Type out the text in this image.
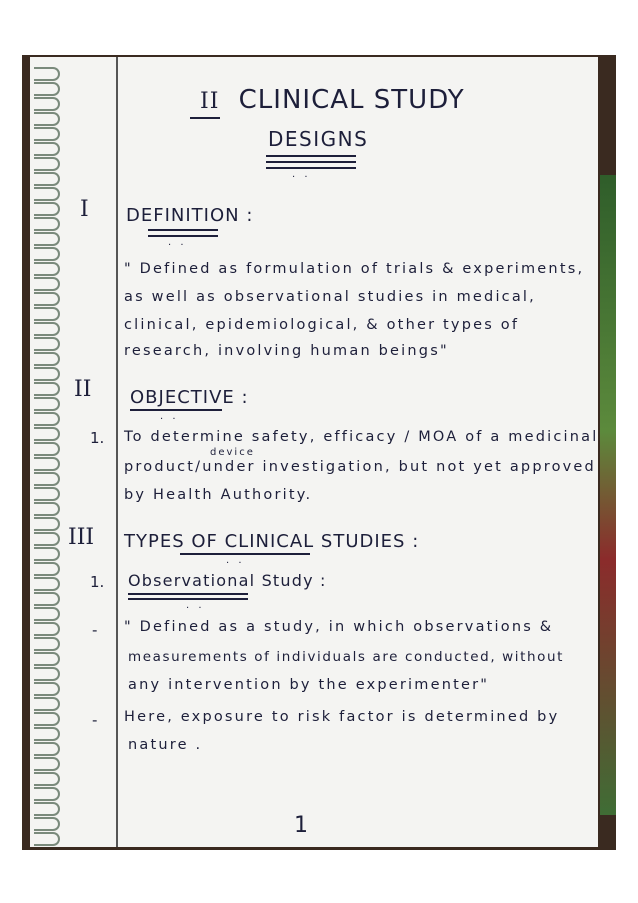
II CLINICAL STUDY
DESIGNS
. .
I DEFINITION :
. .
" Defined as formulation of trials & experiments,
as well as observational studies in medical,
clinical, epidemiological, & other types of
research, involving human beings"
II OBJECTIVE :
. .
1. To determine safety, efficacy / MOA of a medicinal
device
product/under investigation, but not yet approved
by Health Authority.
III TYPES OF CLINICAL STUDIES :
. .
1. Observational Study :
. .
- " Defined as a study, in which observations &
measurements of individuals are conducted, without
any intervention by the experimenter"
- Here, exposure to risk factor is determined by
nature .
1
